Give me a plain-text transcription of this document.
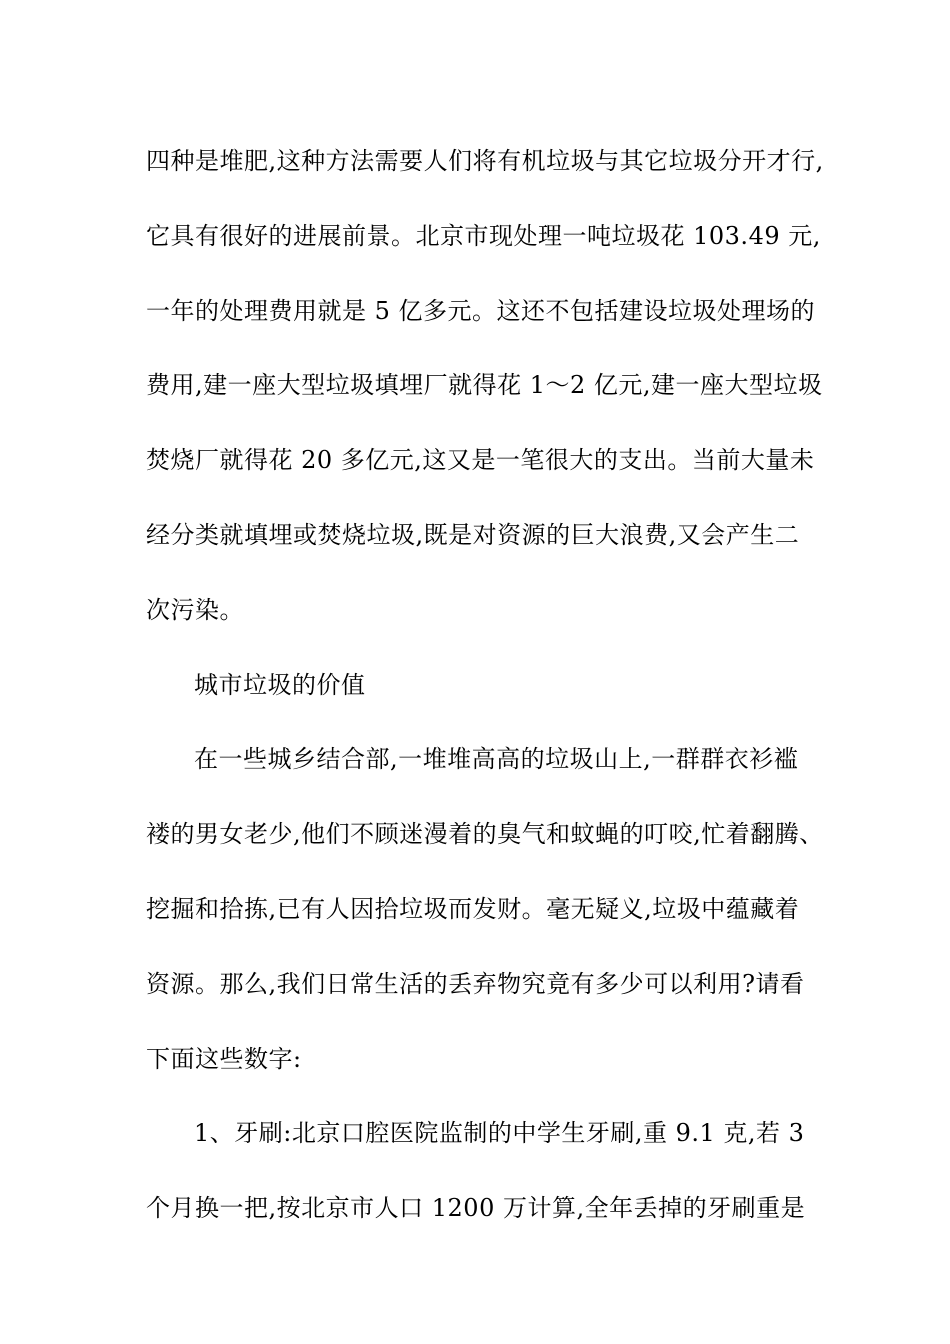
四种是堆肥,这种方法需要人们将有机垃圾与其它垃圾分开才行,
它具有很好的进展前景。北京市现处理一吨垃圾花 103.49 元,
一年的处理费用就是 5 亿多元。这还不包括建设垃圾处理场的
费用,建一座大型垃圾填埋厂就得花 1～2 亿元,建一座大型垃圾
焚烧厂就得花 20 多亿元,这又是一笔很大的支出。当前大量未
经分类就填埋或焚烧垃圾,既是对资源的巨大浪费,又会产生二
次污染。
城市垃圾的价值
在一些城乡结合部,一堆堆高高的垃圾山上,一群群衣衫褴
褛的男女老少,他们不顾迷漫着的臭气和蚊蝇的叮咬,忙着翻腾、
挖掘和拾拣,已有人因拾垃圾而发财。毫无疑义,垃圾中蕴藏着
资源。那么,我们日常生活的丢弃物究竟有多少可以利用?请看
下面这些数字:
1、牙刷:北京口腔医院监制的中学生牙刷,重 9.1 克,若 3
个月换一把,按北京市人口 1200 万计算,全年丢掉的牙刷重是
